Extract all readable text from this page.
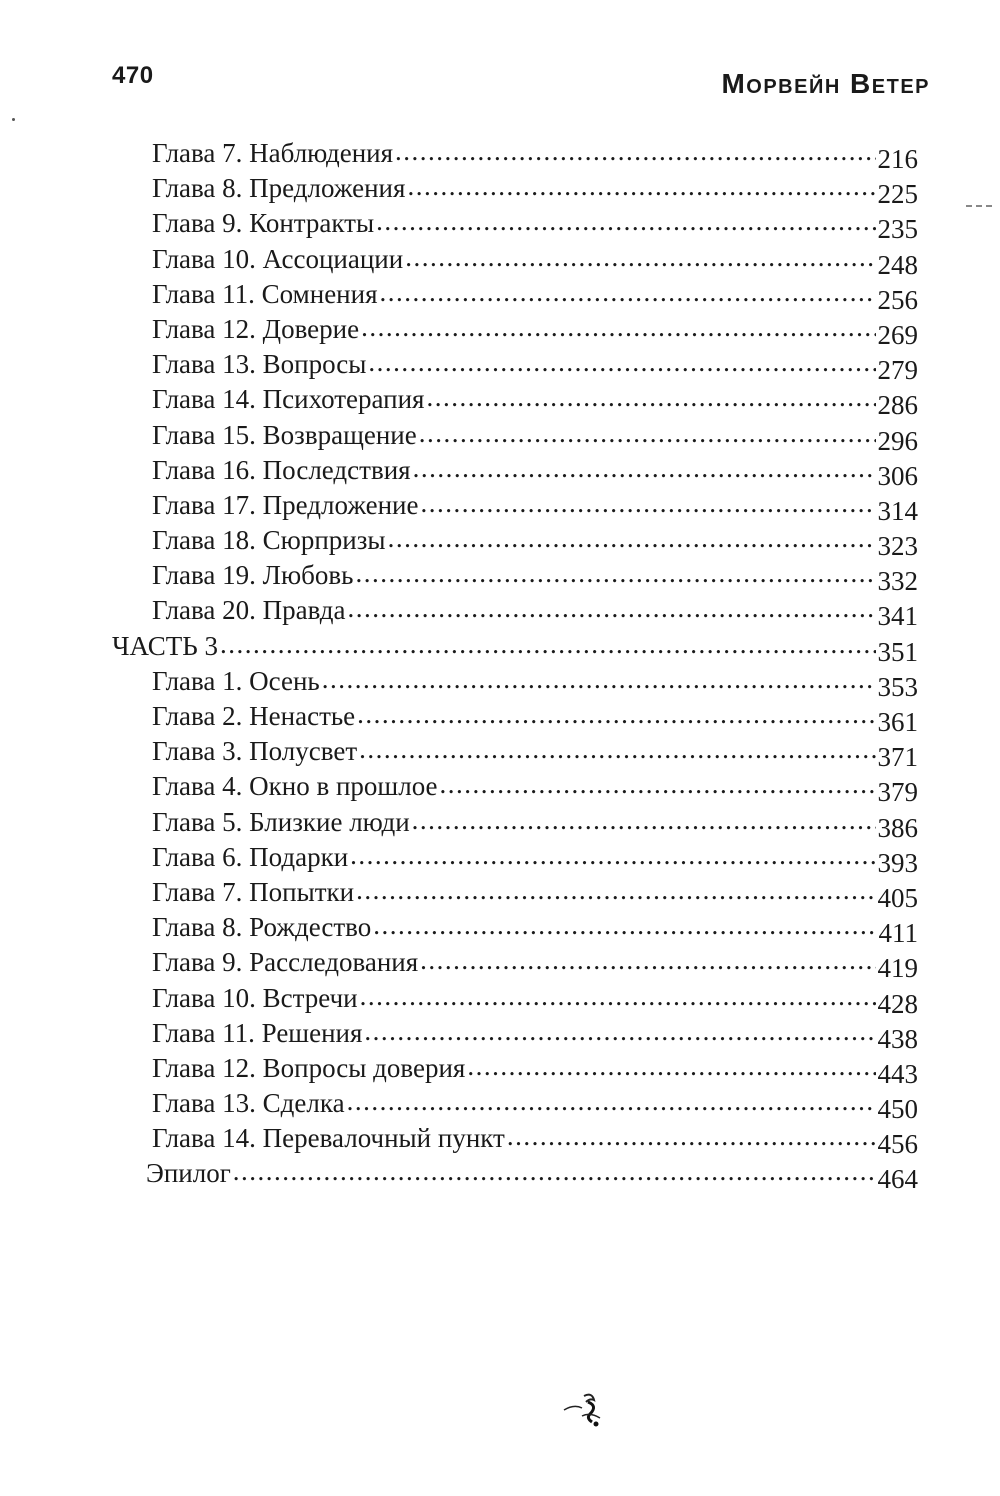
470	Морвейн Ветер
Глава 7. Наблюдения .....	216
Глава 8. Предложения .....	225
Глава 9. Контракты .....	235
Глава 10. Ассоциации .....	248
Глава 11. Сомнения .....	256
Глава 12. Доверие .....	269
Глава 13. Вопросы .....	279
Глава 14. Психотерапия .....	286
Глава 15. Возвращение .....	296
Глава 16. Последствия .....	306
Глава 17. Предложение .....	314
Глава 18. Сюрпризы .....	323
Глава 19. Любовь .....	332
Глава 20. Правда .....	341
ЧАСТЬ 3 .....	351
Глава 1. Осень .....	353
Глава 2. Ненастье .....	361
Глава 3. Полусвет .....	371
Глава 4. Окно в прошлое .....	379
Глава 5. Близкие люди .....	386
Глава 6. Подарки .....	393
Глава 7. Попытки .....	405
Глава 8. Рождество .....	411
Глава 9. Расследования .....	419
Глава 10. Встречи .....	428
Глава 11. Решения .....	438
Глава 12. Вопросы доверия .....	443
Глава 13. Сделка .....	450
Глава 14. Перевалочный пункт .....	456
Эпилог .....	464
